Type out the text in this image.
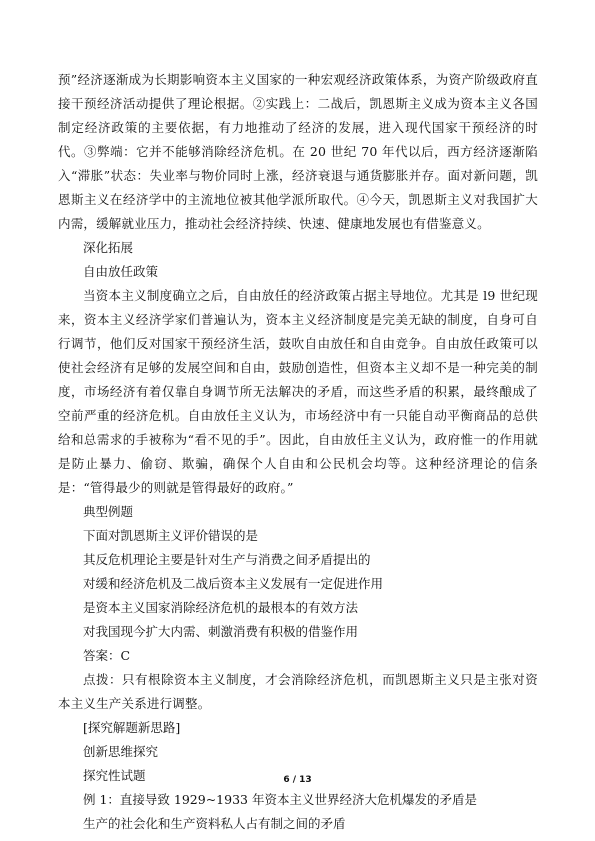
预”经济逐渐成为长期影响资本主义国家的一种宏观经济政策体系，为资产阶级政府直接干预经济活动提供了理论根据。②实践上：二战后，凯恩斯主义成为资本主义各国制定经济政策的主要依据，有力地推动了经济的发展，进入现代国家干预经济的时代。③弊端：它并不能够消除经济危机。在 20 世纪 70 年代以后，西方经济逐渐陷入“滞胀”状态：失业率与物价同时上涨，经济衰退与通货膨胀并存。面对新问题，凯恩斯主义在经济学中的主流地位被其他学派所取代。④今天，凯恩斯主义对我国扩大内需，缓解就业压力，推动社会经济持续、快速、健康地发展也有借鉴意义。

深化拓展

自由放任政策

当资本主义制度确立之后，自由放任的经济政策占据主导地位。尤其是 l9 世纪现来，资本主义经济学家们普遍认为，资本主义经济制度是完美无缺的制度，自身可自行调节，他们反对国家干预经济生活，鼓吹自由放任和自由竞争。自由放任政策可以使社会经济有足够的发展空间和自由，鼓励创造性，但资本主义却不是一种完美的制度，市场经济有着仅靠自身调节所无法解决的矛盾，而这些矛盾的积累，最终酿成了空前严重的经济危机。自由放任主义认为，市场经济中有一只能自动平衡商品的总供给和总需求的手被称为“看不见的手”。因此，自由放任主义认为，政府惟一的作用就是防止暴力、偷窃、欺骗，确保个人自由和公民机会均等。这种经济理论的信条是：“管得最少的则就是管得最好的政府。”

典型例题

下面对凯恩斯主义评价错误的是

其反危机理论主要是针对生产与消费之间矛盾提出的

对缓和经济危机及二战后资本主义发展有一定促进作用

是资本主义国家消除经济危机的最根本的有效方法

对我国现今扩大内需、刺激消费有积极的借鉴作用

答案：C

点拨：只有根除资本主义制度，才会消除经济危机，而凯恩斯主义只是主张对资本主义生产关系进行调整。

[探究解题新思路]

创新思维探究

探究性试题

例 1：直接导致 1929~1933 年资本主义世界经济大危机爆发的矛盾是

生产的社会化和生产资料私人占有制之间的矛盾

6 / 13
